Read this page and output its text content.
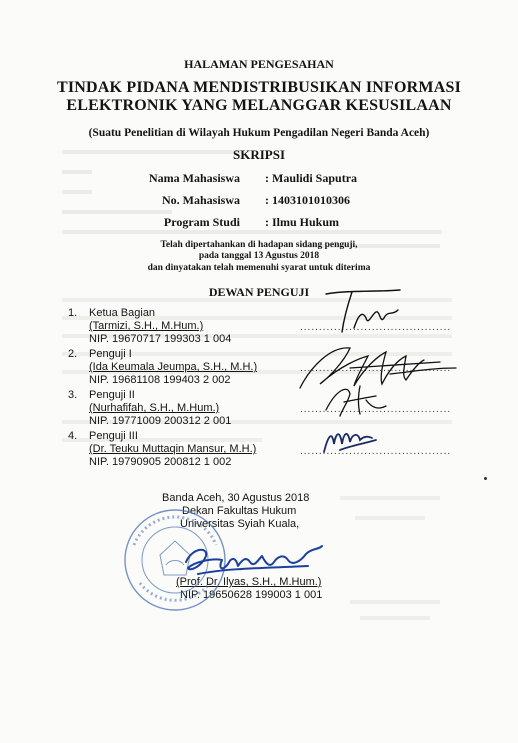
HALAMAN PENGESAHAN
TINDAK PIDANA MENDISTRIBUSIKAN INFORMASI
ELEKTRONIK YANG MELANGGAR KESUSILAAN
(Suatu Penelitian di Wilayah Hukum Pengadilan Negeri Banda Aceh)
SKRIPSI
Nama Mahasiswa : Maulidi Saputra
No. Mahasiswa : 1403101010306
Program Studi : Ilmu Hukum
Telah dipertahankan di hadapan sidang penguji,
pada tanggal 13 Agustus 2018
dan dinyatakan telah memenuhi syarat untuk diterima
DEWAN PENGUJI
1. Ketua Bagian
(Tarmizi, S.H., M.Hum.)
NIP. 19670717 199303 1 004
........................................
2. Penguji I
(Ida Keumala Jeumpa, S.H., M.H.)
NIP. 19681108 199403 2 002
........................................
3. Penguji II
(Nurhafifah, S.H., M.Hum.)
NIP. 19771009 200312 2 001
........................................
4. Penguji III
(Dr. Teuku Muttaqin Mansur, M.H.)
NIP. 19790905 200812 1 002
........................................
Banda Aceh, 30 Agustus 2018
Dekan Fakultas Hukum
Universitas Syiah Kuala,
(Prof. Dr. Ilyas, S.H., M.Hum.)
NIP. 19650628 199003 1 001
